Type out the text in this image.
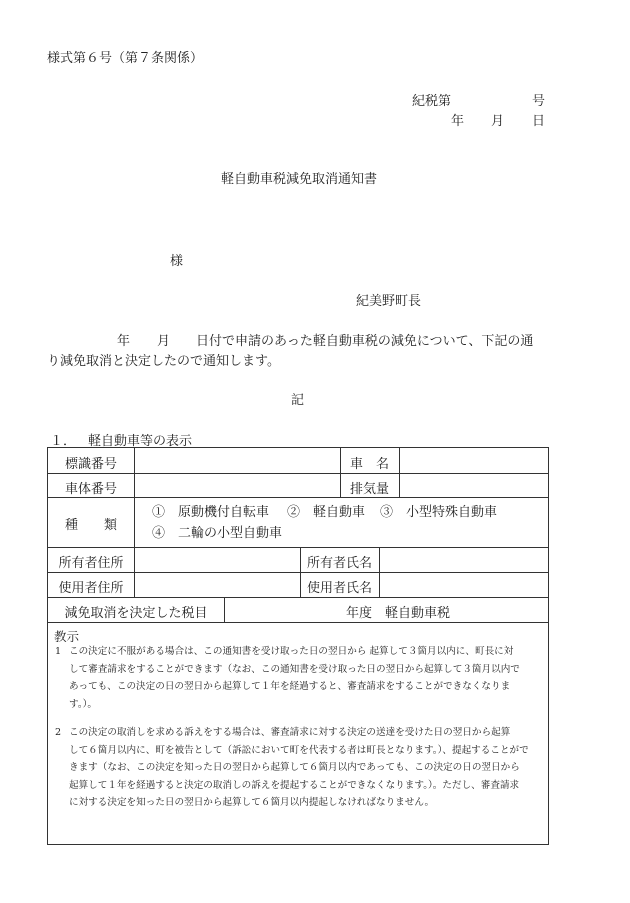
様式第６号（第７条関係）
紀税第	号
年 月 日
軽自動車税減免取消通知書
様
紀美野町長
年 月 日付で申請のあった軽自動車税の減免について、下記の通
り減免取消と決定したので通知します。
記
１． 軽自動車等の表示
標識番号	車　名
車体番号	排気量
種　　類
①　原動機付自転車 ②　軽自動車 ③　小型特殊自動車
④　二輪の小型自動車
所有者住所	所有者氏名
使用者住所	使用者氏名
減免取消を決定した税目	年度　軽自動車税
教示
1 この決定に不服がある場合は、この通知書を受け取った日の翌日から 起算して３箇月以内に、町長に対
して審査請求をすることができます（なお、この通知書を受け取った日の翌日から起算して３箇月以内で
あっても、この決定の日の翌日から起算して１年を経過すると、審査請求をすることができなくなりま
す。）。
2 この決定の取消しを求める訴えをする場合は、審査請求に対する決定の送達を受けた日の翌日から起算
して６箇月以内に、町を被告として（訴訟において町を代表する者は町長となります。）、提起することがで
きます（なお、この決定を知った日の翌日から起算して６箇月以内であっても、この決定の日の翌日から
起算して１年を経過すると決定の取消しの訴えを提起することができなくなります。）。ただし、審査請求
に対する決定を知った日の翌日から起算して６箇月以内提起しなければなりません。
